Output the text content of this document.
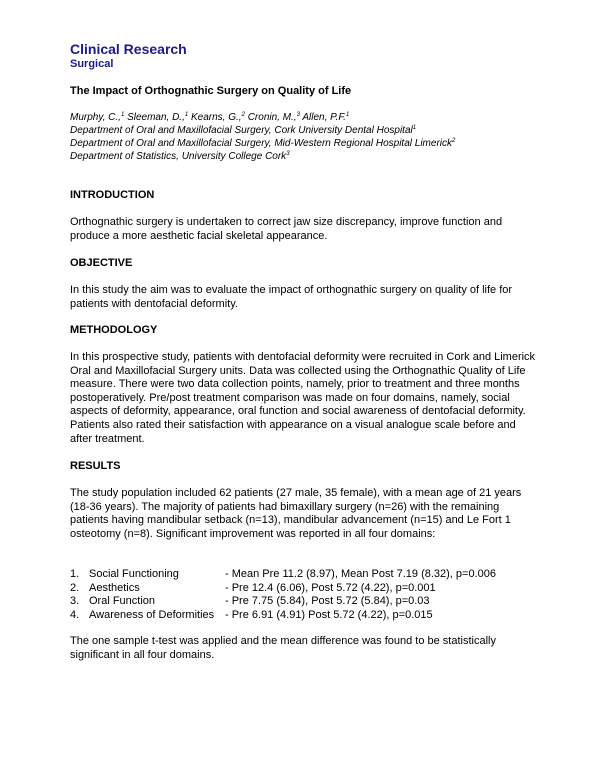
Clinical Research
Surgical
The Impact of Orthognathic Surgery on Quality of Life
Murphy, C.,$^1$ Sleeman, D.,$^1$ Kearns, G.,$^2$ Cronin, M.,$^3$ Allen, P.F.$^1$
Department of Oral and Maxillofacial Surgery, Cork University Dental Hospital$^1$
Department of Oral and Maxillofacial Surgery, Mid-Western Regional Hospital Limerick$^2$
Department of Statistics, University College Cork$^3$
INTRODUCTION
Orthognathic surgery is undertaken to correct jaw size discrepancy, improve function and produce a more aesthetic facial skeletal appearance.
OBJECTIVE
In this study the aim was to evaluate the impact of orthognathic surgery on quality of life for patients with dentofacial deformity.
METHODOLOGY
In this prospective study, patients with dentofacial deformity were recruited in Cork and Limerick Oral and Maxillofacial Surgery units. Data was collected using the Orthognathic Quality of Life measure. There were two data collection points, namely, prior to treatment and three months postoperatively. Pre/post treatment comparison was made on four domains, namely, social aspects of deformity, appearance, oral function and social awareness of dentofacial deformity. Patients also rated their satisfaction with appearance on a visual analogue scale before and after treatment.
RESULTS
The study population included 62 patients (27 male, 35 female), with a mean age of 21 years (18-36 years). The majority of patients had bimaxillary surgery (n=26) with the remaining patients having mandibular setback (n=13), mandibular advancement (n=15) and Le Fort 1 osteotomy (n=8). Significant improvement was reported in all four domains:
1. Social Functioning	- Mean Pre 11.2 (8.97), Mean Post 7.19 (8.32), p=0.006
2. Aesthetics	- Pre 12.4 (6.06), Post 5.72 (4.22), p=0.001
3. Oral Function	- Pre 7.75 (5.84), Post 5.72 (5.84), p=0.03
4. Awareness of Deformities - Pre 6.91 (4.91) Post 5.72 (4.22), p=0.015
The one sample t-test was applied and the mean difference was found to be statistically significant in all four domains.
